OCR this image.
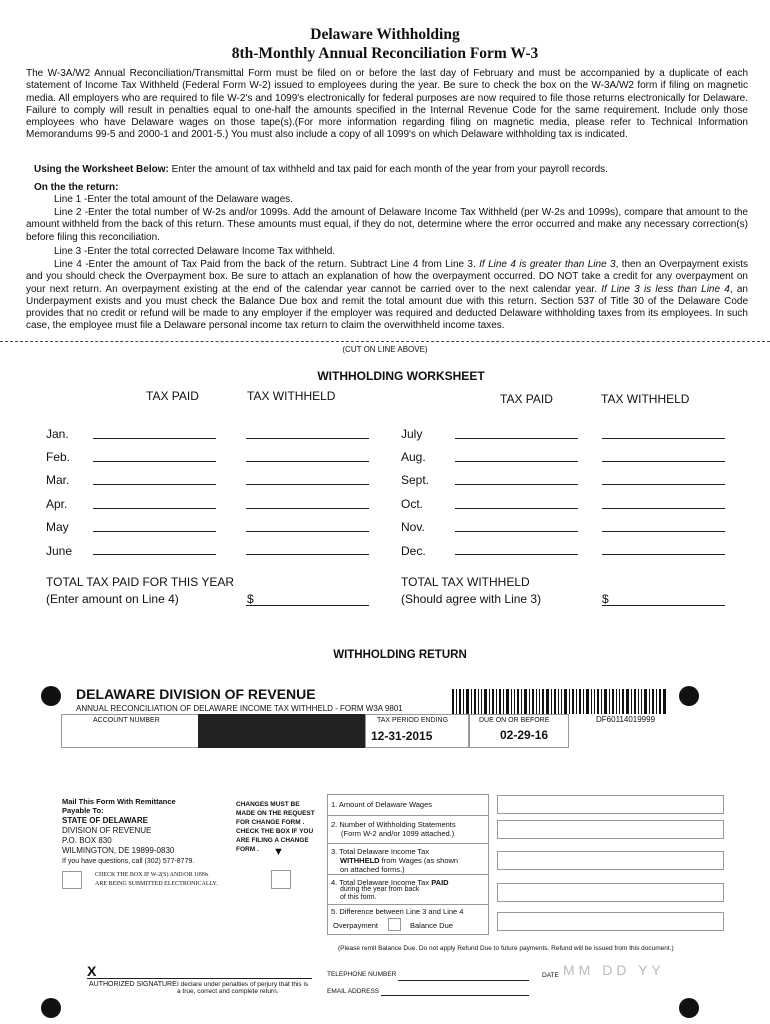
Delaware Withholding
8th-Monthly Annual Reconciliation Form W-3
The W-3A/W2 Annual Reconciliation/Transmittal Form must be filed on or before the last day of February and must be accompanied by a duplicate of each statement of Income Tax Withheld (Federal Form W-2) issued to employees during the year. Be sure to check the box on the W-3A/W2 form if filing on magnetic media. All employers who are required to file W-2's and 1099's electronically for federal purposes are now required to file those returns electronically for Delaware. Failure to comply will result in penalties equal to one-half the amounts specified in the Internal Revenue Code for the same requirement. Include only those employees who have Delaware wages on those tape(s).(For more information regarding filing on magnetic media, please refer to Technical Information Memorandums 99-5 and 2000-1 and 2001-5.) You must also include a copy of all 1099's on which Delaware withholding tax is indicated.
Using the Worksheet Below: Enter the amount of tax withheld and tax paid for each month of the year from your payroll records.
On the the return:
Line 1 -Enter the total amount of the Delaware wages.
Line 2 -Enter the total number of W-2s and/or 1099s. Add the amount of Delaware Income Tax Withheld (per W-2s and 1099s), compare that amount to the amount withheld from the back of this return. These amounts must equal, if they do not, determine where the error occurred and make any necessary correction(s) before filing this reconciliation.
Line 3 -Enter the total corrected Delaware Income Tax withheld.
Line 4 -Enter the amount of Tax Paid from the back of the return. Subtract Line 4 from Line 3. If Line 4 is greater than Line 3, then an Overpayment exists and you should check the Overpayment box. Be sure to attach an explanation of how the overpayment occurred. DO NOT take a credit for any overpayment on your next return. An overpayment existing at the end of the calendar year cannot be carried over to the next calendar year. If Line 3 is less than Line 4, an Underpayment exists and you must check the Balance Due box and remit the total amount due with this return. Section 537 of Title 30 of the Delaware Code provides that no credit or refund will be made to any employer if the employer was required and deducted Delaware withholding taxes from its employees. In such case, the employee must file a Delaware personal income tax return to claim the overwithheld income taxes.
(CUT ON LINE ABOVE)
WITHHOLDING WORKSHEET
TAX PAID	TAX WITHHELD	TAX PAID	TAX WITHHELD
Jan.
Feb.
Mar.
Apr.
May
June
July
Aug.
Sept.
Oct.
Nov.
Dec.
TOTAL TAX PAID FOR THIS YEAR
(Enter amount on Line 4)	$
TOTAL TAX WITHHELD
(Should agree with Line 3)	$
WITHHOLDING RETURN
DELAWARE DIVISION OF REVENUE
ANNUAL RECONCILIATION OF DELAWARE INCOME TAX WITHHELD - FORM W3A 9801
DF60114019999
ACCOUNT NUMBER	TAX PERIOD ENDING
12-31-2015
DUE ON OR BEFORE
02-29-16
Mail This Form With Remittance
Payable To:
STATE OF DELAWARE
DIVISION OF REVENUE
P.O. BOX 830
WILMINGTON, DE 19899-0830
If you have questions, call (302) 577-8779.
CHECK THE BOX IF W-2(S) AND/OR 1099s
ARE BEING SUBMITTED ELECTRONICALLY.
CHANGES MUST BE
MADE ON THE REQUEST
FOR CHANGE FORM .
CHECK THE BOX IF YOU
ARE FILING A CHANGE
FORM . ▼
1. Amount of Delaware Wages
2. Number of Withholding Statements
(Form W-2 and/or 1099 attached.)
3. Total Delaware Income Tax
WITHHELD from Wages (as shown
on attached forms.)
4. Total Delaware Income Tax PAID
during the year from back
of this form.
5. Difference between Line 3 and Line 4
Overpayment	Balance Due
(Please remit Balance Due. Do not apply Refund Due to future payments. Refund will be issued from this document.)
X
AUTHORIZED SIGNATURE I declare under penalties of perjury that this is
a true, correct and complete return.
TELEPHONE NUMBER
EMAIL ADDRESS
DATE MM DD YY
